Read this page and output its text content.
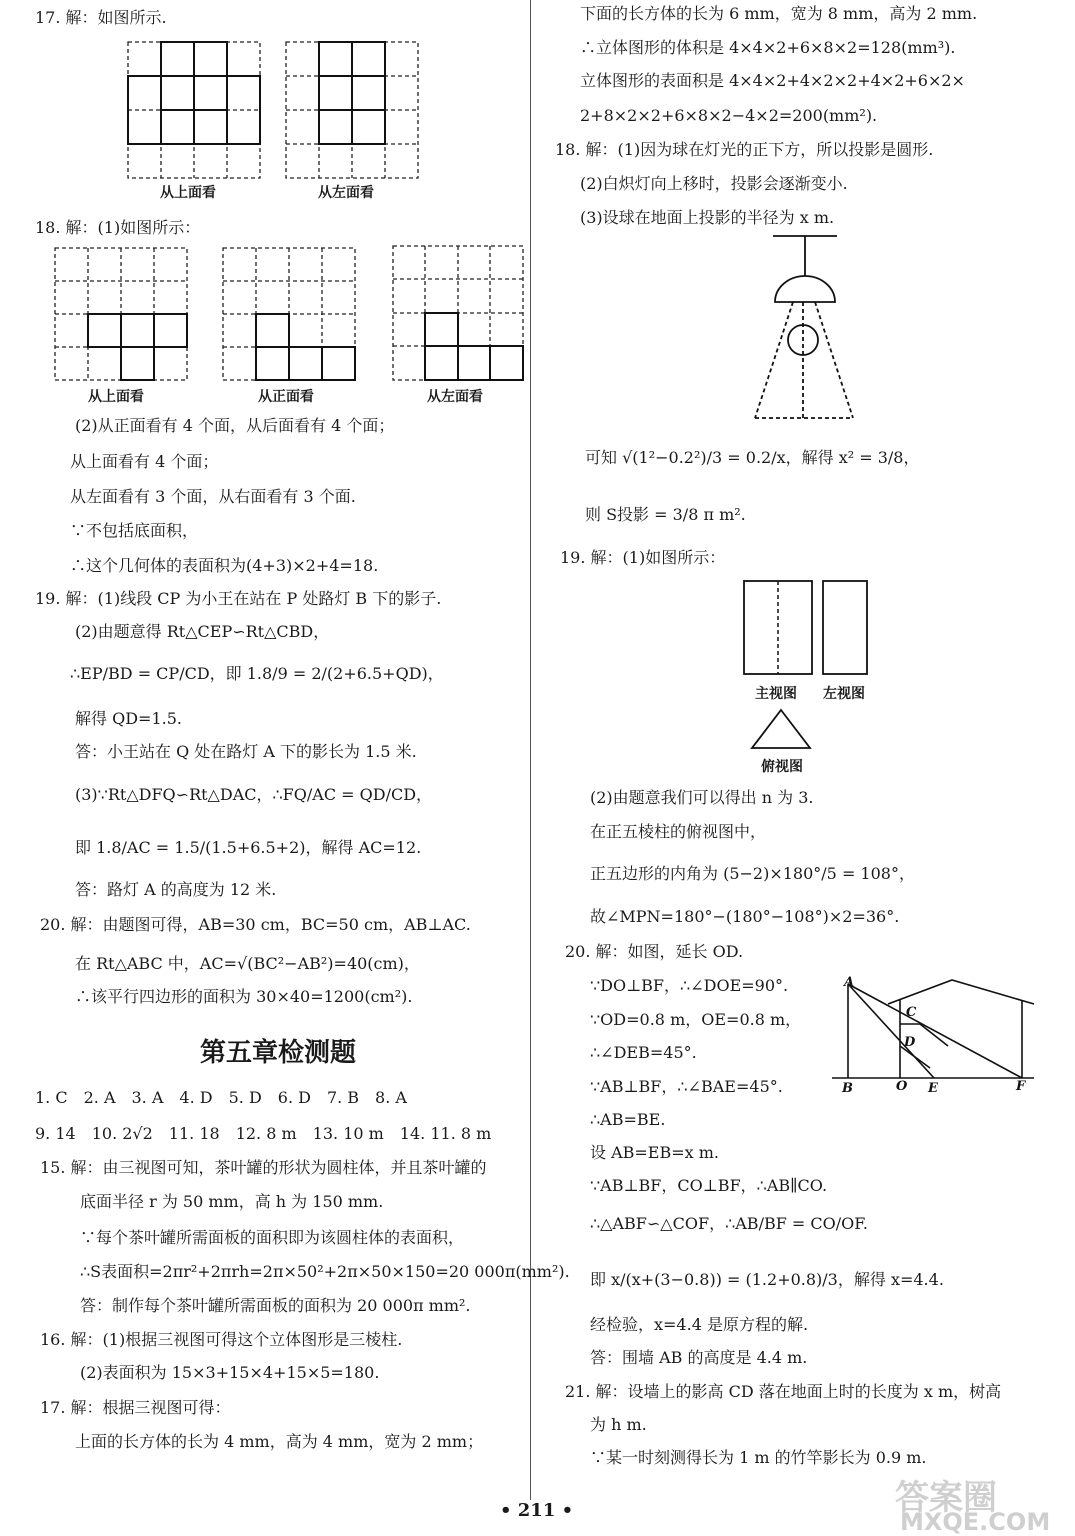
17. 解：如图所示.
从上面看	从左面看
18. 解：(1)如图所示：
从上面看	从正面看	从左面看
(2)从正面看有 4 个面，从后面看有 4 个面；
从上面看有 4 个面；
从左面看有 3 个面，从右面看有 3 个面.
∵不包括底面积，
∴这个几何体的表面积为(4+3)×2+4=18.
19. 解：(1)线段 CP 为小王在站在 P 处路灯 B 下的影子.
(2)由题意得 Rt△CEP∽Rt△CBD，
∴EP/BD = CP/CD，即 1.8/9 = 2/(2+6.5+QD)，
解得 QD=1.5.
答：小王站在 Q 处在路灯 A 下的影长为 1.5 米.
(3)∵Rt△DFQ∽Rt△DAC，∴FQ/AC = QD/CD，
即 1.8/AC = 1.5/(1.5+6.5+2)，解得 AC=12.
答：路灯 A 的高度为 12 米.
20. 解：由题图可得，AB=30 cm，BC=50 cm，AB⊥AC.
在 Rt△ABC 中，AC=√(BC²−AB²)=40(cm)，
∴该平行四边形的面积为 30×40=1200(cm²).
第五章检测题
1. C　2. A　3. A　4. D　5. D　6. D　7. B　8. A
9. 14　10. 2√2　11. 18　12. 8 m　13. 10 m　14. 11. 8 m
15. 解：由三视图可知，茶叶罐的形状为圆柱体，并且茶叶罐的
底面半径 r 为 50 mm，高 h 为 150 mm.
∵每个茶叶罐所需面板的面积即为该圆柱体的表面积，
∴S表面积=2πr²+2πrh=2π×50²+2π×50×150=20 000π(mm²).
答：制作每个茶叶罐所需面板的面积为 20 000π mm².
16. 解：(1)根据三视图可得这个立体图形是三棱柱.
(2)表面积为 15×3+15×4+15×5=180.
17. 解：根据三视图可得：
上面的长方体的长为 4 mm，高为 4 mm，宽为 2 mm；
下面的长方体的长为 6 mm，宽为 8 mm，高为 2 mm.
∴立体图形的体积是 4×4×2+6×8×2=128(mm³).
立体图形的表面积是 4×4×2+4×2×2+4×2+6×2×
2+8×2×2+6×8×2−4×2=200(mm²).
18. 解：(1)因为球在灯光的正下方，所以投影是圆形.
(2)白炽灯向上移时，投影会逐渐变小.
(3)设球在地面上投影的半径为 x m.
可知 √(1²−0.2²)/3 = 0.2/x，解得 x² = 3/8，
则 S投影 = 3/8 π m².
19. 解：(1)如图所示：
主视图 左视图
俯视图
(2)由题意我们可以得出 n 为 3.
在正五棱柱的俯视图中，
正五边形的内角为 (5−2)×180°/5 = 108°，
故∠MPN=180°−(180°−108°)×2=36°.
20. 解：如图，延长 OD.
∵DO⊥BF，∴∠DOE=90°.
∵OD=0.8 m，OE=0.8 m，
∴∠DEB=45°.
∵AB⊥BF，∴∠BAE=45°.
∴AB=BE.
设 AB=EB=x m.
∵AB⊥BF，CO⊥BF，∴AB∥CO.
∴△ABF∽△COF，∴AB/BF = CO/OF.
即 x/(x+(3−0.8)) = (1.2+0.8)/3，解得 x=4.4.
经检验，x=4.4 是原方程的解.
答：围墙 AB 的高度是 4.4 m.
21. 解：设墙上的影高 CD 落在地面上时的长度为 x m，树高
为 h m.
∵某一时刻测得长为 1 m 的竹竿影长为 0.9 m.
A
B
C
D
O E	F
• 211 •	答案圈
MXQE.COM
